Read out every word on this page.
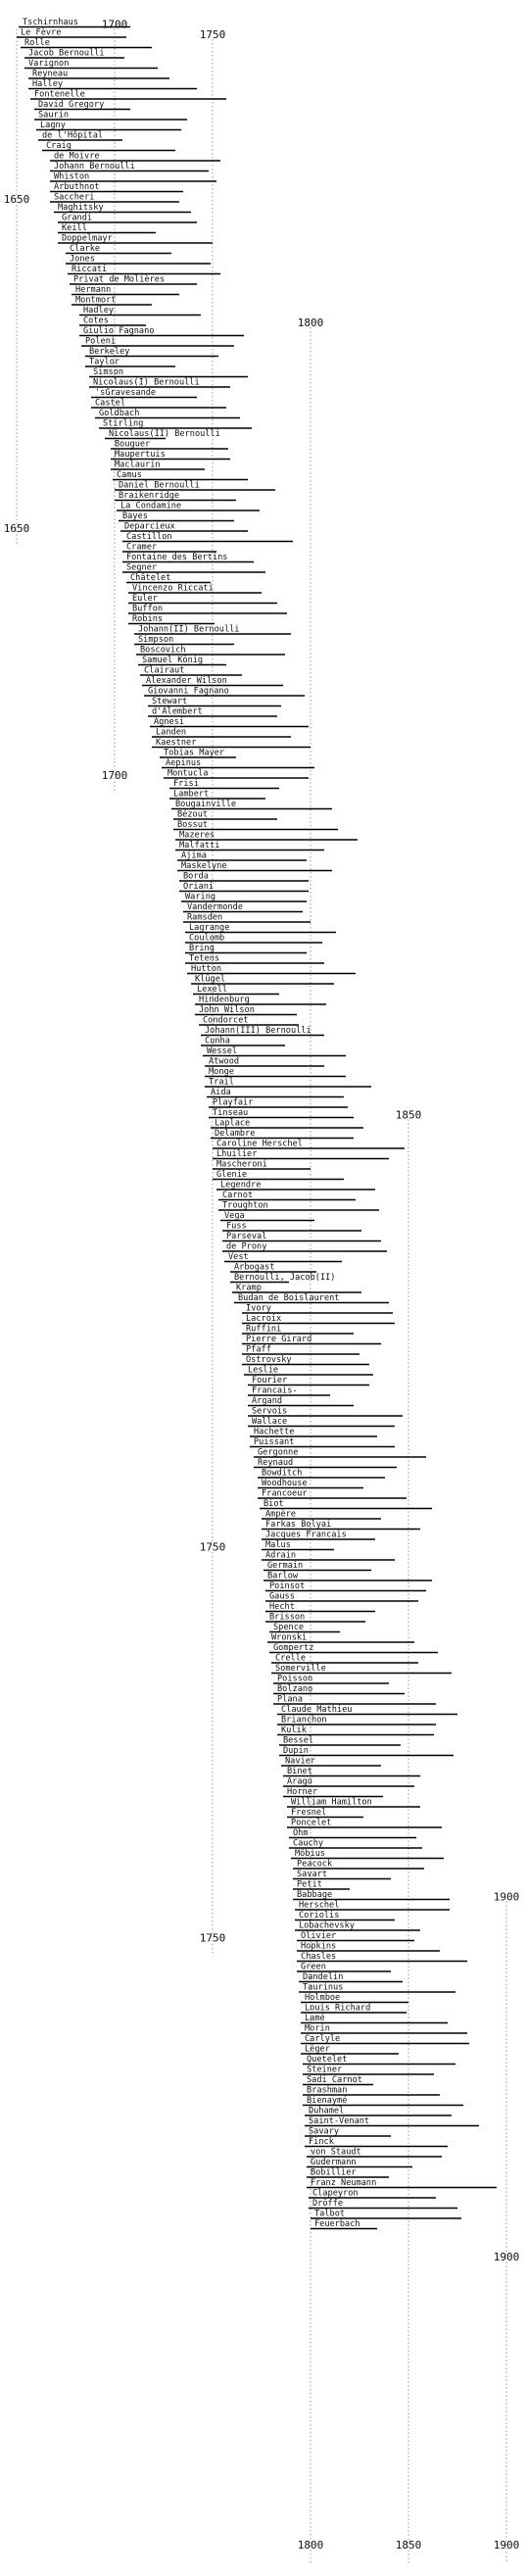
1650
1650
1700
1700
1750
1750
1750
1800
1800
1850
1850
1900
1900
1900
Tschirnhaus
Le Fèvre
Rolle
Jacob Bernoulli
Varignon
Reyneau
Halley
Fontenelle
David Gregory
Saurin
Lagny
de l'Hôpital
Craig
de Moivre
Johann Bernoulli
Whiston
Arbuthnot
Saccheri
Maghitsky
Grandi
Keill
Doppelmayr
Clarke
Jones
Riccati
Privat de Molières
Hermann
Montmort
Hadley
Cotes
Giulio Fagnano
Poleni
Berkeley
Taylor
Simson
Nicolaus(I) Bernoulli
'sGravesande
Castel
Goldbach
Stirling
Nicolaus(II) Bernoulli
Bouguer
Maupertuis
Maclaurin
Camus
Daniel Bernoulli
Braikenridge
La Condamine
Bayes
Deparcieux
Castillon
Cramer
Fontaine des Bertins
Segner
Châtelet
Vincenzo Riccati
Euler
Buffon
Robins
Johann(II) Bernoulli
Simpson
Boscovich
Samuel König
Clairaut
Alexander Wilson
Giovanni Fagnano
Stewart
d'Alembert
Agnesi
Landen
Kaestner
Tobias Mayer
Aepinus
Montucla
Frisi
Lambert
Bougainville
Bézout
Bossut
Mazeres
Malfatti
Ajima
Maskelyne
Borda
Oriani
Waring
Vandermonde
Ramsden
Lagrange
Coulomb
Bring
Tetens
Hutton
Klügel
Lexell
Hindenburg
John Wilson
Condorcet
Johann(III) Bernoulli
Cunha
Wessel
Atwood
Monge
Trail
Aida
Playfair
Tinseau
Laplace
Delambre
Caroline Herschel
Lhuilier
Mascheroni
Glenie
Legendre
Carnot
Troughton
Vega
Fuss
Parseval
de Prony
Vest
Arbogast
Bernoulli, Jacob(II)
Kramp
Budan de Boislaurent
Ivory
Lacroix
Ruffini
Pierre Girard
Pfaff
Ostrovsky
Leslie
Fourier
Francais-
Argand
Servois
Wallace
Hachette
Puissant
Gergonne
Reynaud
Bowditch
Woodhouse
Francoeur
Biot
Ampère
Farkas Bolyai
Jacques Francais
Malus
Adrain
Germain
Barlow
Poinsot
Gauss
Hecht
Brisson
Spence
Wronski
Gompertz
Crelle
Somerville
Poisson
Bolzano
Plana
Claude Mathieu
Brianchon
Kulik
Bessel
Dupin
Navier
Binet
Arago
Horner
William Hamilton
Fresnel
Poncelet
Ohm
Cauchy
Möbius
Peacock
Savart
Petit
Babbage
Herschel
Coriolis
Lobachevsky
Olivier
Hopkins
Chasles
Green
Dandelin
Taurinus
Holmboe
Louis Richard
Lamé
Morin
Carlyle
Léger
Quetelet
Steiner
Sadi Carnot
Brashman
Bienaymé
Duhamel
Saint-Venant
Savary
Finck
von Staudt
Gudermann
Bobillier
Franz Neumann
Clapeyron
Dröffe
Talbot
Feuerbach
